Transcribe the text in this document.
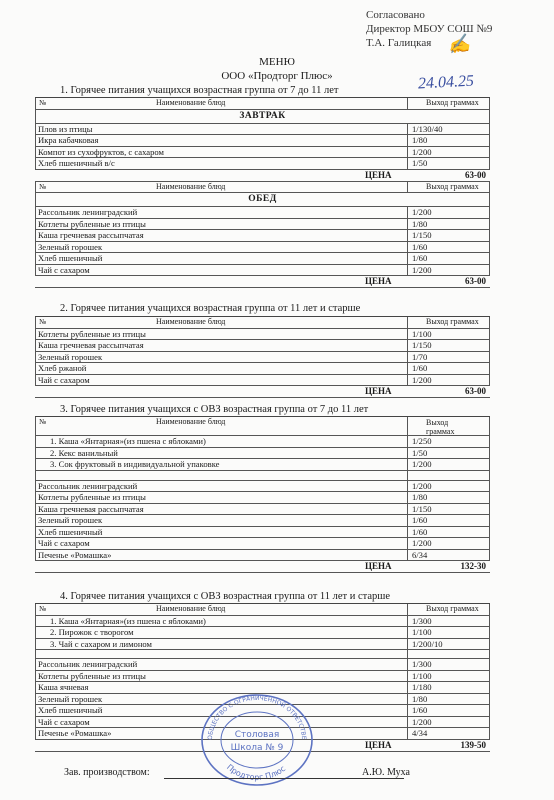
Согласовано
Директор МБОУ СОШ №9
Т.А. Галицкая ✍
24.04.25
МЕНЮ
ООО «Продторг Плюс»
1. Горячее питания учащихся возрастная группа от 7 до 11 лет
№	Наименование блюд	Выход граммах
ЗАВТРАК
Плов из птицы	1/130/40
Икра кабачковая	1/80
Компот из сухофруктов, с сахаром	1/200
Хлеб пшеничный в/с	1/50
ЦЕНА	63-00
№	Наименование блюд	Выход граммах
ОБЕД
Рассольник ленинградский	1/200
Котлеты рубленные из птицы	1/80
Каша гречневая рассыпчатая	1/150
Зеленый горошек	1/60
Хлеб пшеничный	1/60
Чай с сахаром	1/200
ЦЕНА	63-00
2. Горячее питания учащихся возрастная группа от 11 лет и старше
№	Наименование блюд	Выход граммах
Котлеты рубленные из птицы	1/100
Каша гречневая рассыпчатая	1/150
Зеленый горошек	1/70
Хлеб ржаной	1/60
Чай с сахаром	1/200
ЦЕНА	63-00
3. Горячее питания учащихся с ОВЗ возрастная группа от 7 до 11 лет
№	Наименование блюд	Выход
граммах
1. Каша «Янтарная»(из пшена с яблоками)	1/250
2. Кекс ванильный	1/50
3. Сок фруктовый в индивидуальной упаковке	1/200
Рассольник ленинградский	1/200
Котлеты рубленные из птицы	1/80
Каша гречневая рассыпчатая	1/150
Зеленый горошек	1/60
Хлеб пшеничный	1/60
Чай с сахаром	1/200
Печенье «Ромашка»	6/34
ЦЕНА	132-30
4. Горячее питания учащихся с ОВЗ возрастная группа от 11 лет и старше
№	Наименование блюд	Выход граммах
1. Каша «Янтарная»(из пшена с яблоками)	1/300
2. Пирожок с творогом	1/100
3. Чай с сахаром и лимоном	1/200/10
Рассольник ленинградский	1/300
Котлеты рубленные из птицы	1/100
Каша ячневая	1/180
Зеленый горошек	1/80
Хлеб пшеничный	1/60
Чай с сахаром	1/200
Печенье «Ромашка»	4/34
ЦЕНА	139-50
ОБЩЕСТВО С ОГРАНИЧЕННОЙ ОТВЕТСТВЕ
Продторг Плюс
Столовая
Школа № 9
Зав. производством:	А.Ю. Муха
